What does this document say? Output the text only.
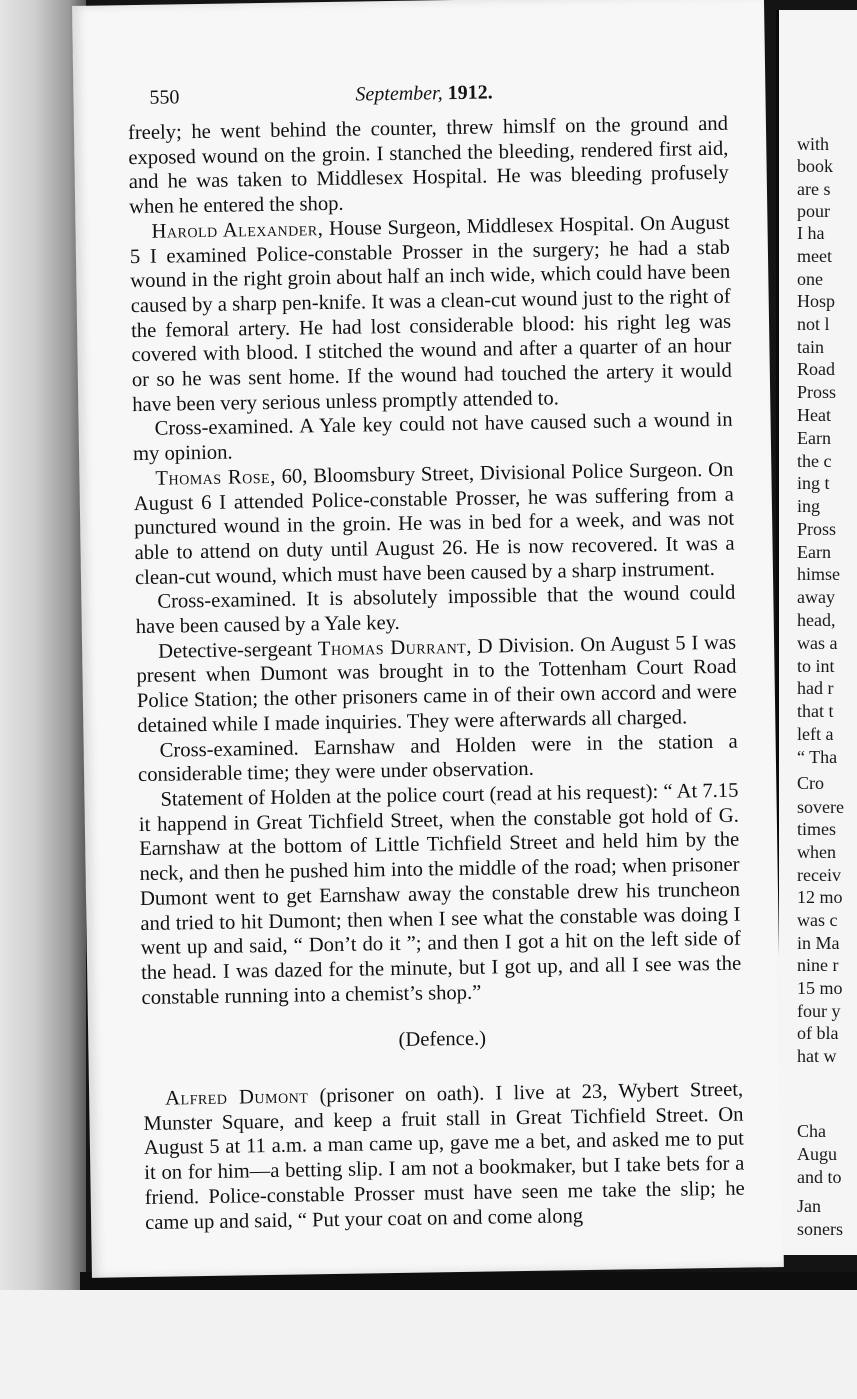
with
book
are s
pour
I ha
meet
one
Hosp
not l
tain
Road
Pross
Heat
Earn
the c
ing t
ing
Pross
Earn
himse
away
head,
was a
to int
had r
that t
left a
“ Tha
Cro
sovere
times
when
receiv
12 mo
was c
in Ma
nine r
15 mo
four y
of bla
hat w
Cha
Augu
and to
Jan
soners
550	September, 1912.

freely; he went behind the counter, threw himslf on the ground and exposed wound on the groin. I stanched the bleeding, rendered first aid, and he was taken to Middlesex Hospital. He was bleeding profusely when he entered the shop.

Harold Alexander, House Surgeon, Middlesex Hospital. On August 5 I examined Police-constable Prosser in the surgery; he had a stab wound in the right groin about half an inch wide, which could have been caused by a sharp pen-knife. It was a clean-cut wound just to the right of the femoral artery. He had lost considerable blood: his right leg was covered with blood. I stitched the wound and after a quarter of an hour or so he was sent home. If the wound had touched the artery it would have been very serious unless promptly attended to.

Cross-examined. A Yale key could not have caused such a wound in my opinion.

Thomas Rose, 60, Bloomsbury Street, Divisional Police Surgeon. On August 6 I attended Police-constable Prosser, he was suffering from a punctured wound in the groin. He was in bed for a week, and was not able to attend on duty until August 26. He is now recovered. It was a clean-cut wound, which must have been caused by a sharp instrument.

Cross-examined. It is absolutely impossible that the wound could have been caused by a Yale key.

Detective-sergeant Thomas Durrant, D Division. On August 5 I was present when Dumont was brought in to the Tottenham Court Road Police Station; the other prisoners came in of their own accord and were detained while I made inquiries. They were afterwards all charged.

Cross-examined. Earnshaw and Holden were in the station a considerable time; they were under observation.

Statement of Holden at the police court (read at his request): “ At 7.15 it happend in Great Tichfield Street, when the constable got hold of G. Earnshaw at the bottom of Little Tichfield Street and held him by the neck, and then he pushed him into the middle of the road; when prisoner Dumont went to get Earnshaw away the constable drew his truncheon and tried to hit Dumont; then when I see what the constable was doing I went up and said, “ Don’t do it ”; and then I got a hit on the left side of the head. I was dazed for the minute, but I got up, and all I see was the constable running into a chemist’s shop.”

(Defence.)

Alfred Dumont (prisoner on oath). I live at 23, Wybert Street, Munster Square, and keep a fruit stall in Great Tichfield Street. On August 5 at 11 a.m. a man came up, gave me a bet, and asked me to put it on for him—a betting slip. I am not a bookmaker, but I take bets for a friend. Police-constable Prosser must have seen me take the slip; he came up and said, “ Put your coat on and come along
